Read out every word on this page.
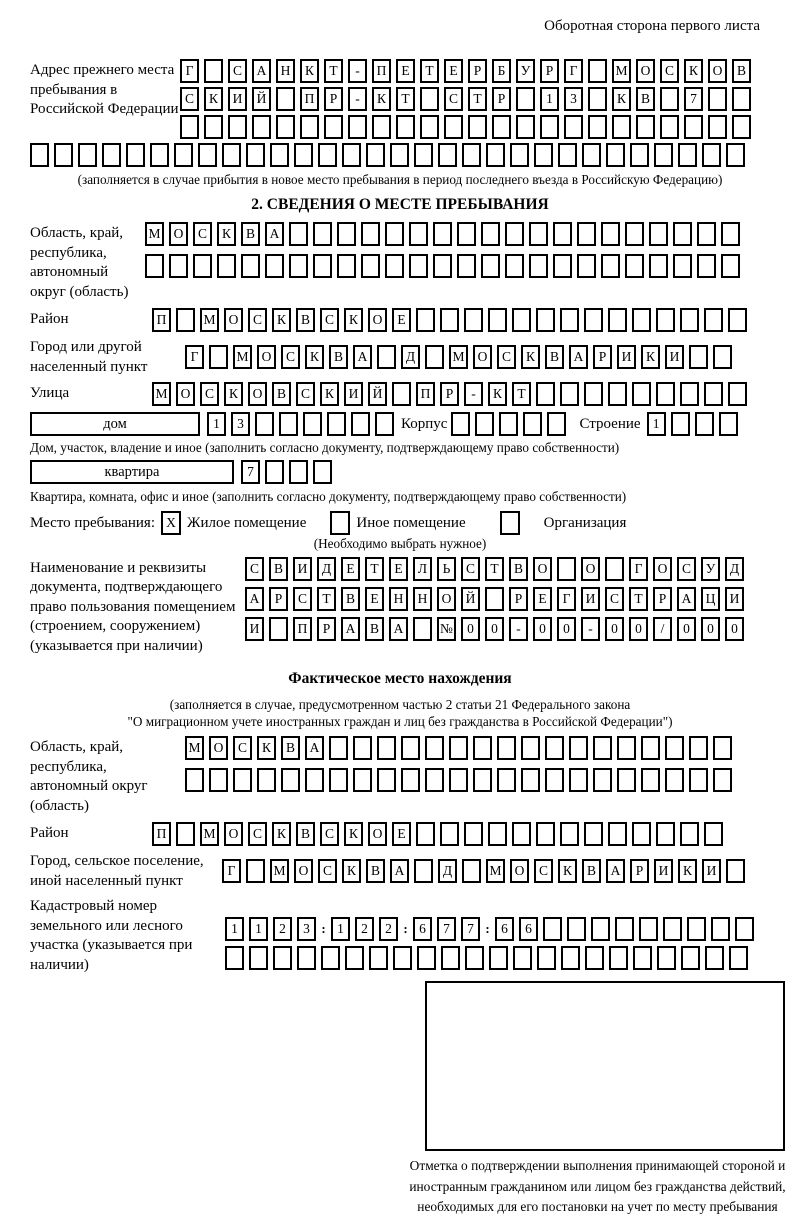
Оборотная сторона первого листа
Адрес прежнего места пребывания в Российской Федерации
Г	С	А	Н	К	Т	-	П	Е	Т	Е	Р	Б	У	Р	Г	М О	С	К	О	В
С	К	И	Й	П	Р	-	К	Т	С	Т	Р	1	3	К	В	7
(заполняется в случае прибытия в новое место пребывания в период последнего въезда в Российскую Федерацию)
2. СВЕДЕНИЯ О МЕСТЕ ПРЕБЫВАНИЯ
Область, край, республика, автономный округ (область)
М О	С	К	В	А
Район	П	М О	С	К	В	С	К	О	Е
Город или другой населенный пункт
Г	М О	С	К	В	А	Д	М О	С	К	В	А	Р	И	К	И
Улица	М О	С	К	О	В	С	К	И	Й	П	Р	-	К	Т
дом	1	3	Корпус	Строение 1
Дом, участок, владение и иное (заполнить согласно документу, подтверждающему право собственности)
квартира	7
Квартира, комната, офис и иное (заполнить согласно документу, подтверждающему право собственности)
Место пребывания: X Жилое помещение	Иное помещение	Организация
(Необходимо выбрать нужное)
Наименование и реквизиты документа, подтверждающего право пользования помещением (строением, сооружением) (указывается при наличии)
С	В	И	Д	Е	Т	Е	Л	Ь	С	Т	В	О	О	Г	О	С	У	Д
А	Р	С	Т	В	Е	Н	Н	О	Й	Р	Е	Г	И	С	Т	Р	А	Ц	И
И	П	Р	А	В	А	№	0	0	-	0	0	-	0	0	/	0	0	0
Фактическое место нахождения
(заполняется в случае, предусмотренном частью 2 статьи 21 Федерального закона
"О миграционном учете иностранных граждан и лиц без гражданства в Российской Федерации")
Область, край, республика, автономный округ (область)
М О	С	К	В	А
Район	П	М О	С	К	В	С	К	О	Е
Город, сельское поселение, иной населенный пункт
Г	М О	С	К	В	А	Д	М О	С	К	В	А	Р	И	К	И
Кадастровый номер земельного или лесного участка (указывается при наличии)
1	1	2	3 : 1	2	2 : 6	7	7 : 6	6
Отметка о подтверждении выполнения принимающей стороной и иностранным гражданином или лицом без гражданства действий, необходимых для его постановки на учет по месту пребывания
